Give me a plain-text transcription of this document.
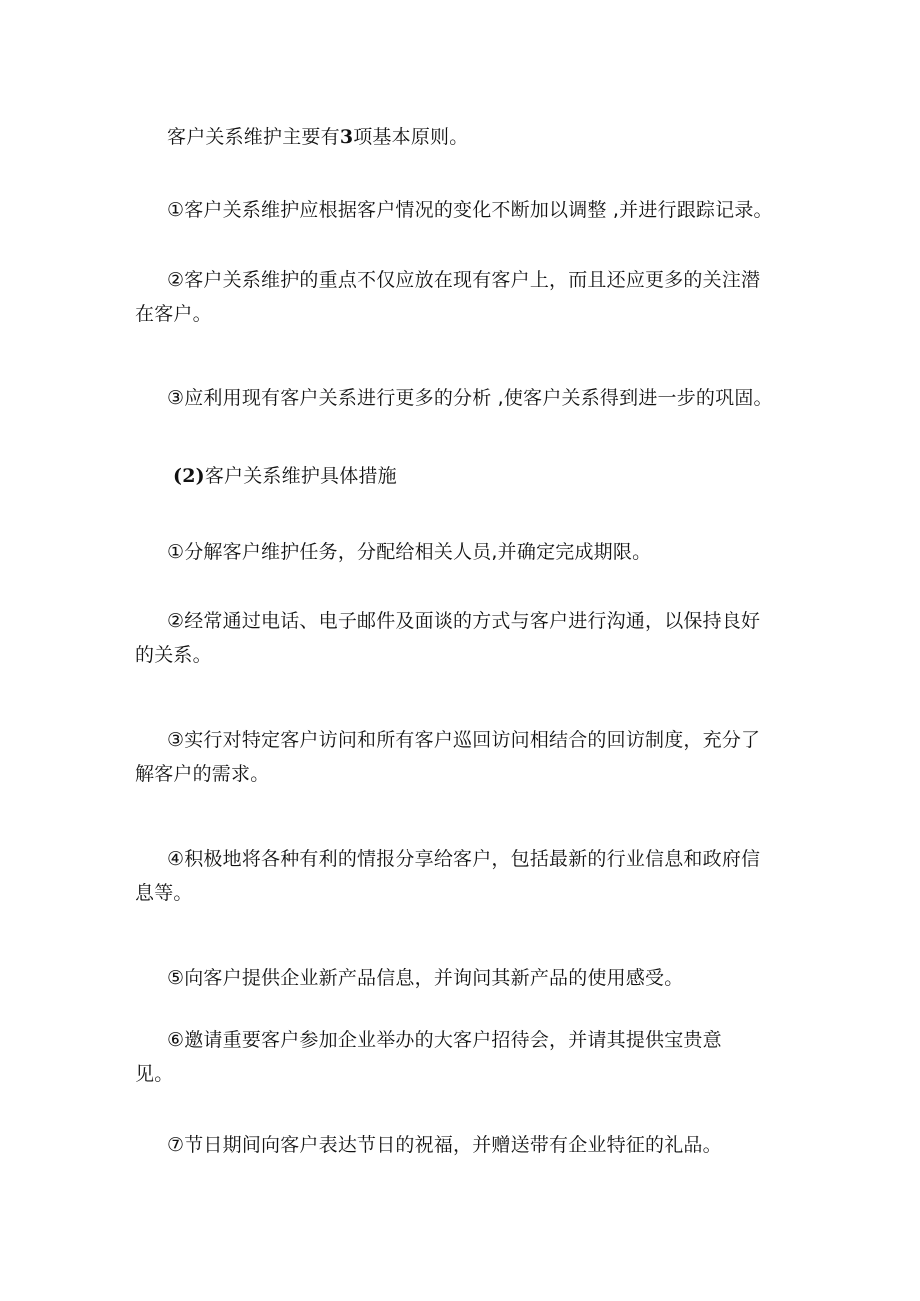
客户关系维护主要有3项基本原则。

①客户关系维护应根据客户情况的变化不断加以调整 ,并进行跟踪记录。

②客户关系维护的重点不仅应放在现有客户上，而且还应更多的关注潜
在客户。

③应利用现有客户关系进行更多的分析 ,使客户关系得到进一步的巩固。

(2)客户关系维护具体措施

①分解客户维护任务，分配给相关人员,并确定完成期限。

②经常通过电话、电子邮件及面谈的方式与客户进行沟通，以保持良好
的关系。

③实行对特定客户访问和所有客户巡回访问相结合的回访制度，充分了
解客户的需求。

④积极地将各种有利的情报分享给客户，包括最新的行业信息和政府信
息等。

⑤向客户提供企业新产品信息，并询问其新产品的使用感受。

⑥邀请重要客户参加企业举办的大客户招待会，并请其提供宝贵意
见。

⑦节日期间向客户表达节日的祝福，并赠送带有企业特征的礼品。
